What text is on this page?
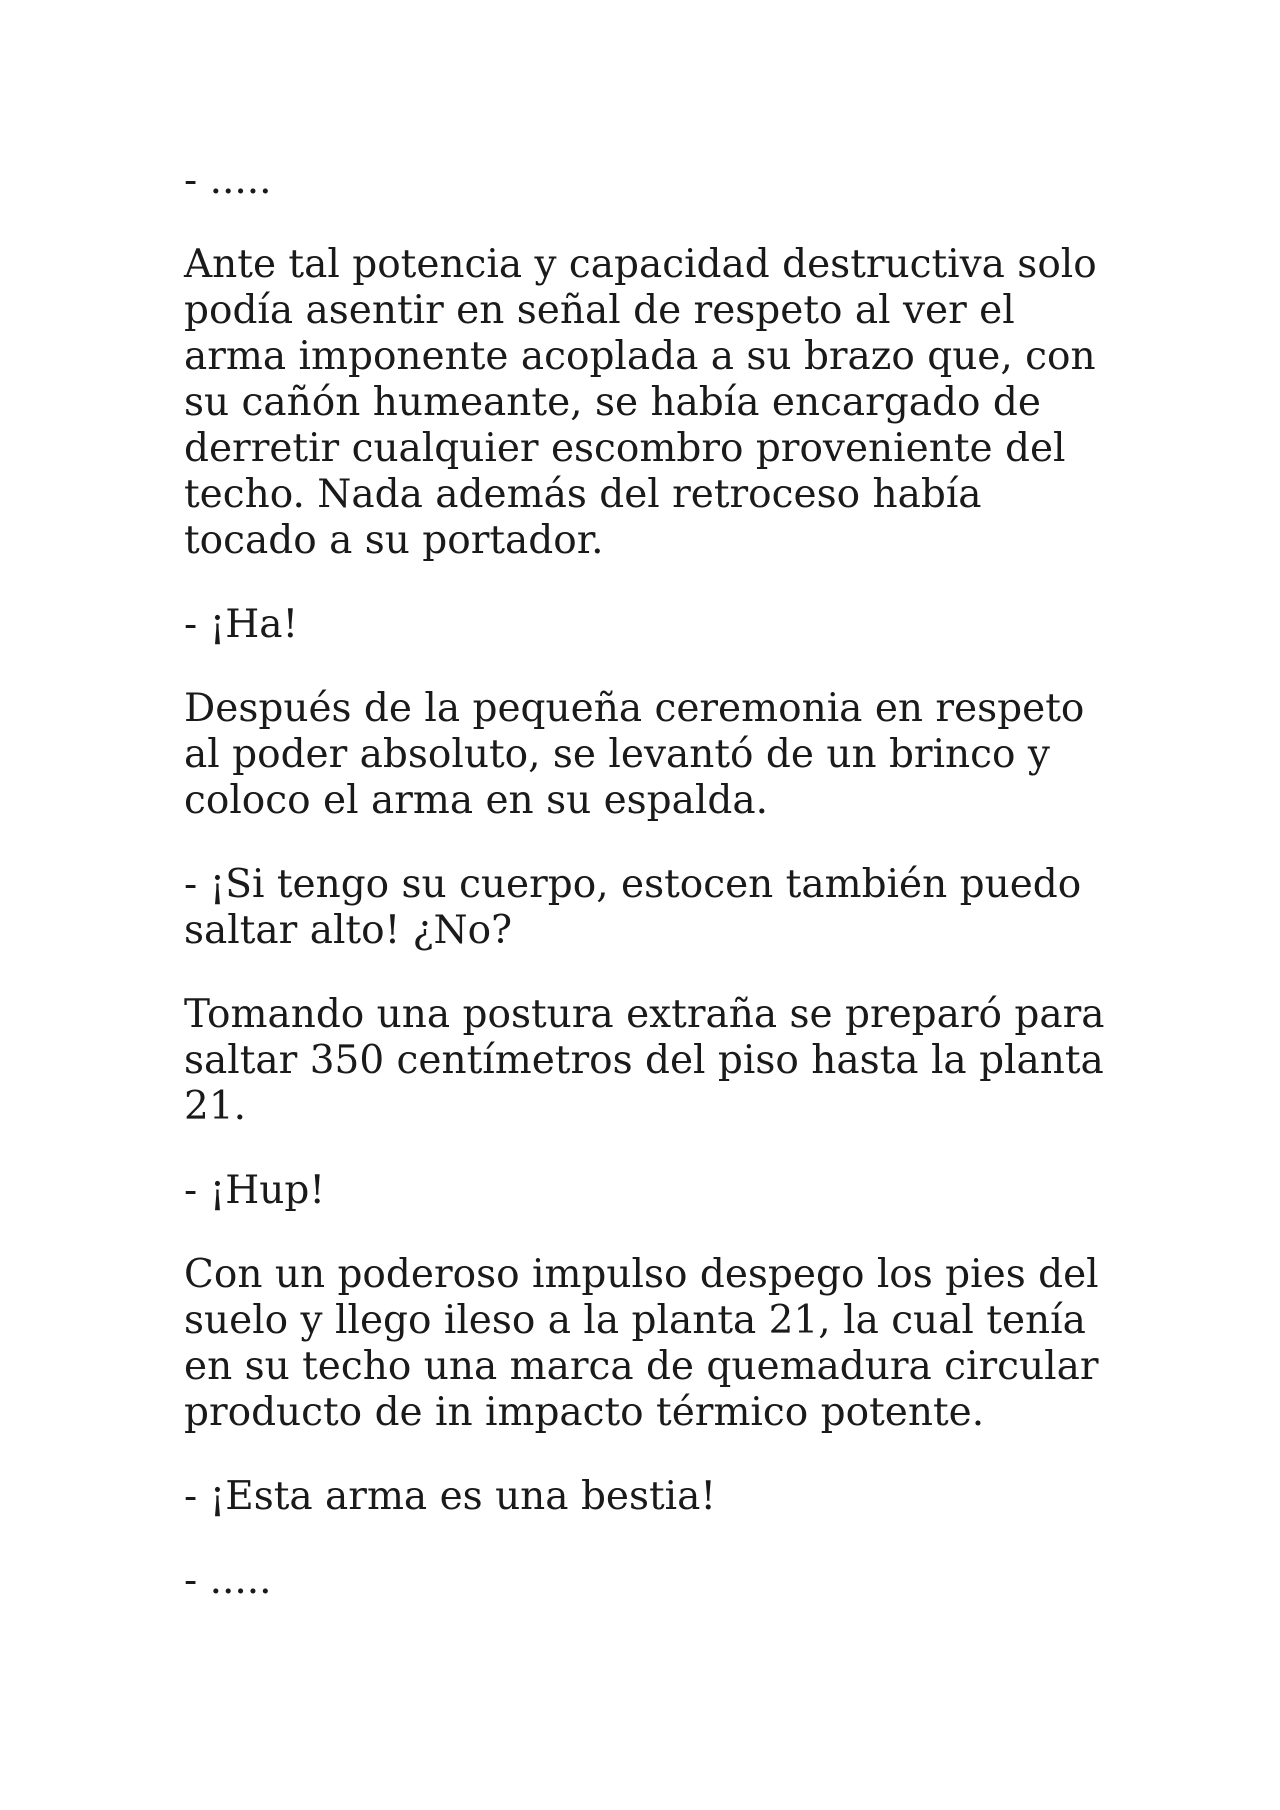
- .....

Ante tal potencia y capacidad destructiva solo podía asentir en señal de respeto al ver el arma imponente acoplada a su brazo que, con su cañón humeante, se había encargado de derretir cualquier escombro proveniente del techo. Nada además del retroceso había tocado a su portador.

- ¡Ha!

Después de la pequeña ceremonia en respeto al poder absoluto, se levantó de un brinco y coloco el arma en su espalda.

- ¡Si tengo su cuerpo, estocen también puedo saltar alto! ¿No?

Tomando una postura extraña se preparó para saltar 350 centímetros del piso hasta la planta 21.

- ¡Hup!

Con un poderoso impulso despego los pies del suelo y llego ileso a la planta 21, la cual tenía en su techo una marca de quemadura circular producto de in impacto térmico potente.

- ¡Esta arma es una bestia!

- .....
